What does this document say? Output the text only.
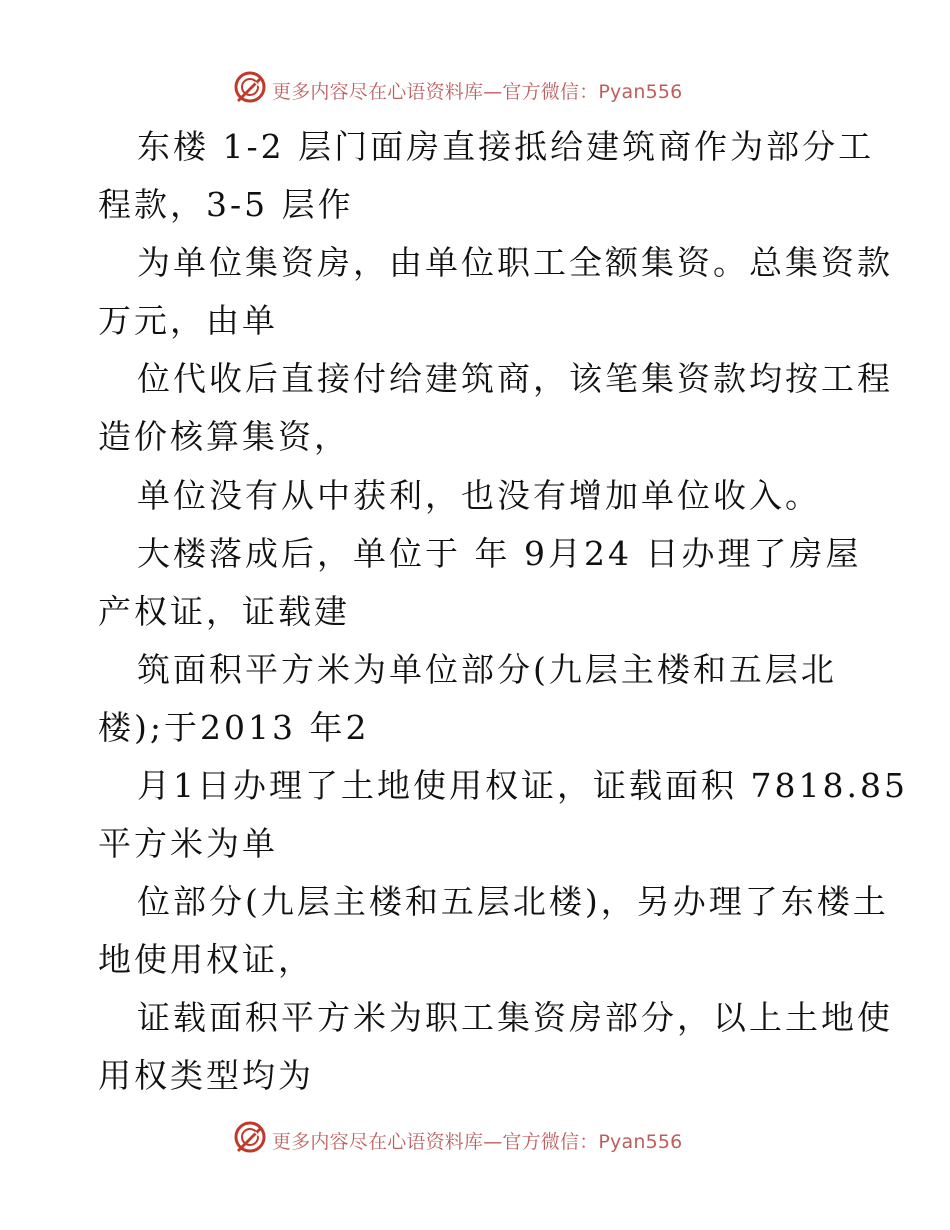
更多内容尽在心语资料库—官方微信：Pyan556
东楼 1-2 层门面房直接抵给建筑商作为部分工
程款，3-5 层作
为单位集资房，由单位职工全额集资。总集资款
万元，由单
位代收后直接付给建筑商，该笔集资款均按工程
造价核算集资，
单位没有从中获利，也没有增加单位收入。
大楼落成后，单位于 年 9月24 日办理了房屋
产权证，证载建
筑面积平方米为单位部分(九层主楼和五层北
楼);于2013 年2
月1日办理了土地使用权证，证载面积 7818.85
平方米为单
位部分(九层主楼和五层北楼)，另办理了东楼土
地使用权证，
证载面积平方米为职工集资房部分，以上土地使
用权类型均为
更多内容尽在心语资料库—官方微信：Pyan556
